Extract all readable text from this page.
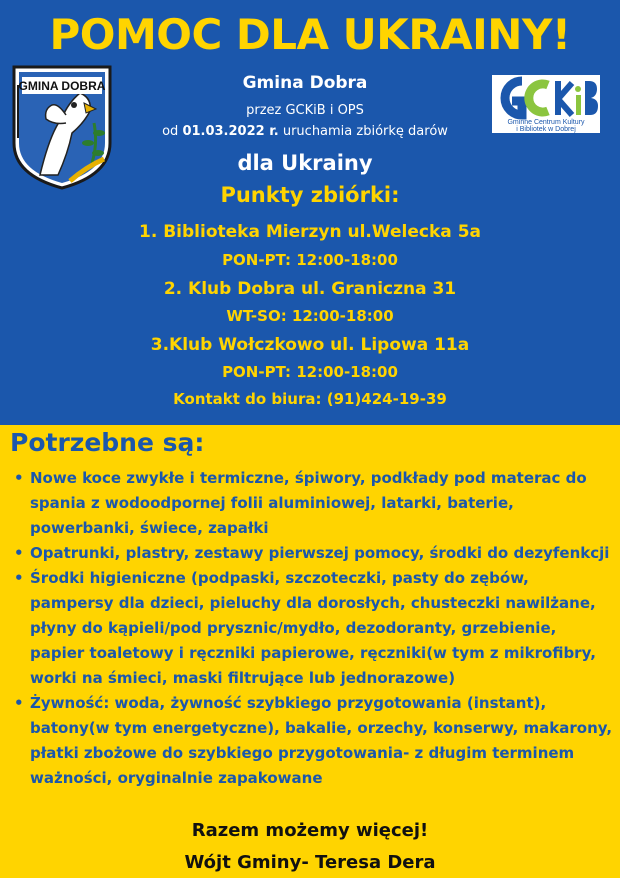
POMOC DLA UKRAINY!
GMINA DOBRA
Gminne Centrum Kultury
i Bibliotek w Dobrej
Gmina Dobra
przez GCKiB i OPS
od 01.03.2022 r. uruchamia zbiórkę darów
dla Ukrainy
Punkty zbiórki:
1. Biblioteka Mierzyn ul.Welecka 5a
PON-PT: 12:00-18:00
2. Klub Dobra ul. Graniczna 31
WT-SO: 12:00-18:00
3.Klub Wołczkowo ul. Lipowa 11a
PON-PT: 12:00-18:00
Kontakt do biura: (91)424-19-39
Potrzebne są:
• Nowe koce zwykłe i termiczne, śpiwory, podkłady pod materac do spania z wodoodpornej folii aluminiowej, latarki, baterie, powerbanki, świece, zapałki
• Opatrunki, plastry, zestawy pierwszej pomocy, środki do dezyfenkcji
• Środki higieniczne (podpaski, szczoteczki, pasty do zębów, pampersy dla dzieci, pieluchy dla dorosłych, chusteczki nawilżane, płyny do kąpieli/pod prysznic/mydło, dezodoranty, grzebienie, papier toaletowy i ręczniki papierowe, ręczniki(w tym z mikrofibry, worki na śmieci, maski filtrujące lub jednorazowe)
• Żywność: woda, żywność szybkiego przygotowania (instant), batony(w tym energetyczne), bakalie, orzechy, konserwy, makarony, płatki zbożowe do szybkiego przygotowania- z długim terminem ważności, oryginalnie zapakowane
Razem możemy więcej!
Wójt Gminy- Teresa Dera
